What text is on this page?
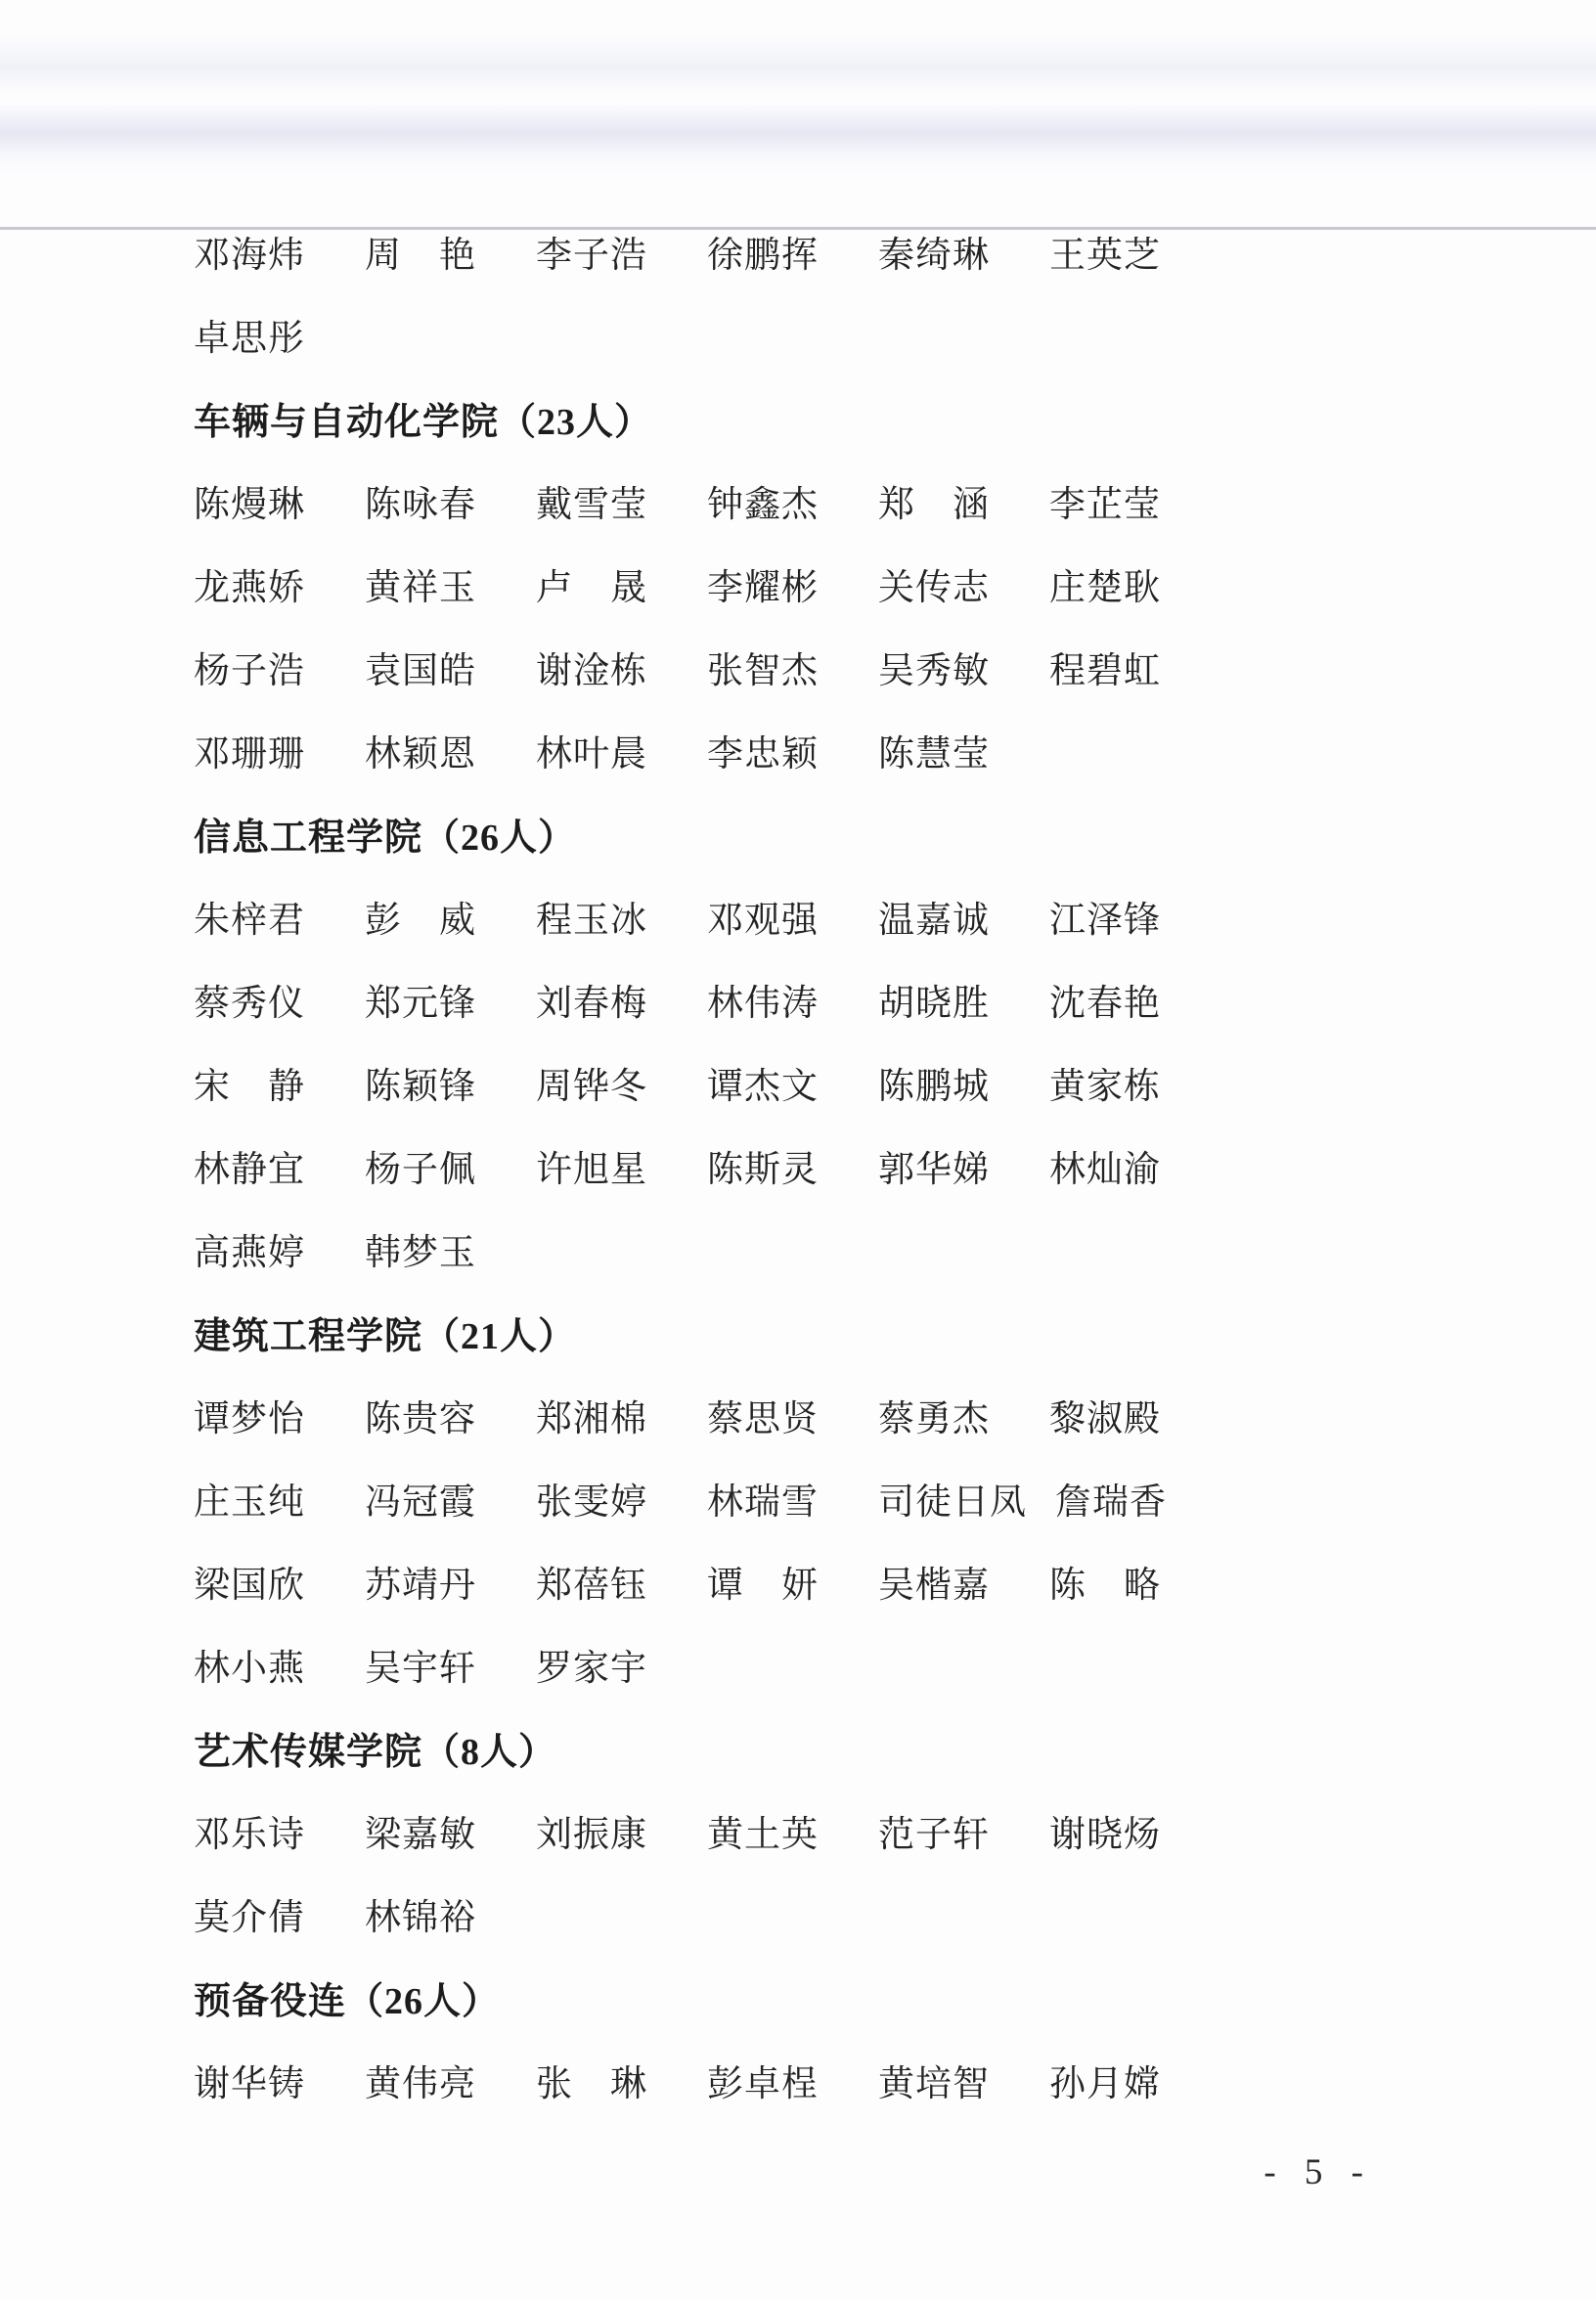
邓海炜	周　艳	李子浩	徐鹏挥	秦绮琳	王英芝
卓思彤
车辆与自动化学院（23人）
陈熳琳	陈咏春	戴雪莹	钟鑫杰	郑　涵	李芷莹
龙燕娇	黄祥玉	卢　晟	李耀彬	关传志	庄楚耿
杨子浩	袁国皓	谢淦栋	张智杰	吴秀敏	程碧虹
邓珊珊	林颖恩	林叶晨	李忠颖	陈慧莹
信息工程学院（26人）
朱梓君	彭　威	程玉冰	邓观强	温嘉诚	江泽锋
蔡秀仪	郑元锋	刘春梅	林伟涛	胡晓胜	沈春艳
宋　静	陈颖锋	周铧冬	谭杰文	陈鹏城	黄家栋
林静宜	杨子佩	许旭星	陈斯灵	郭华娣	林灿渝
高燕婷	韩梦玉
建筑工程学院（21人）
谭梦怡	陈贵容	郑湘棉	蔡思贤	蔡勇杰	黎淑殿
庄玉纯	冯冠霞	张雯婷	林瑞雪	司徒日凤 詹瑞香
梁国欣	苏靖丹	郑蓓钰	谭　妍	吴楷嘉	陈　略
林小燕	吴宇轩	罗家宇
艺术传媒学院（8人）
邓乐诗	梁嘉敏	刘振康	黄土英	范子轩	谢晓炀
莫介倩	林锦裕
预备役连（26人）
谢华铸	黄伟亮	张　琳	彭卓桯	黄培智	孙月嫦
- 5 -
